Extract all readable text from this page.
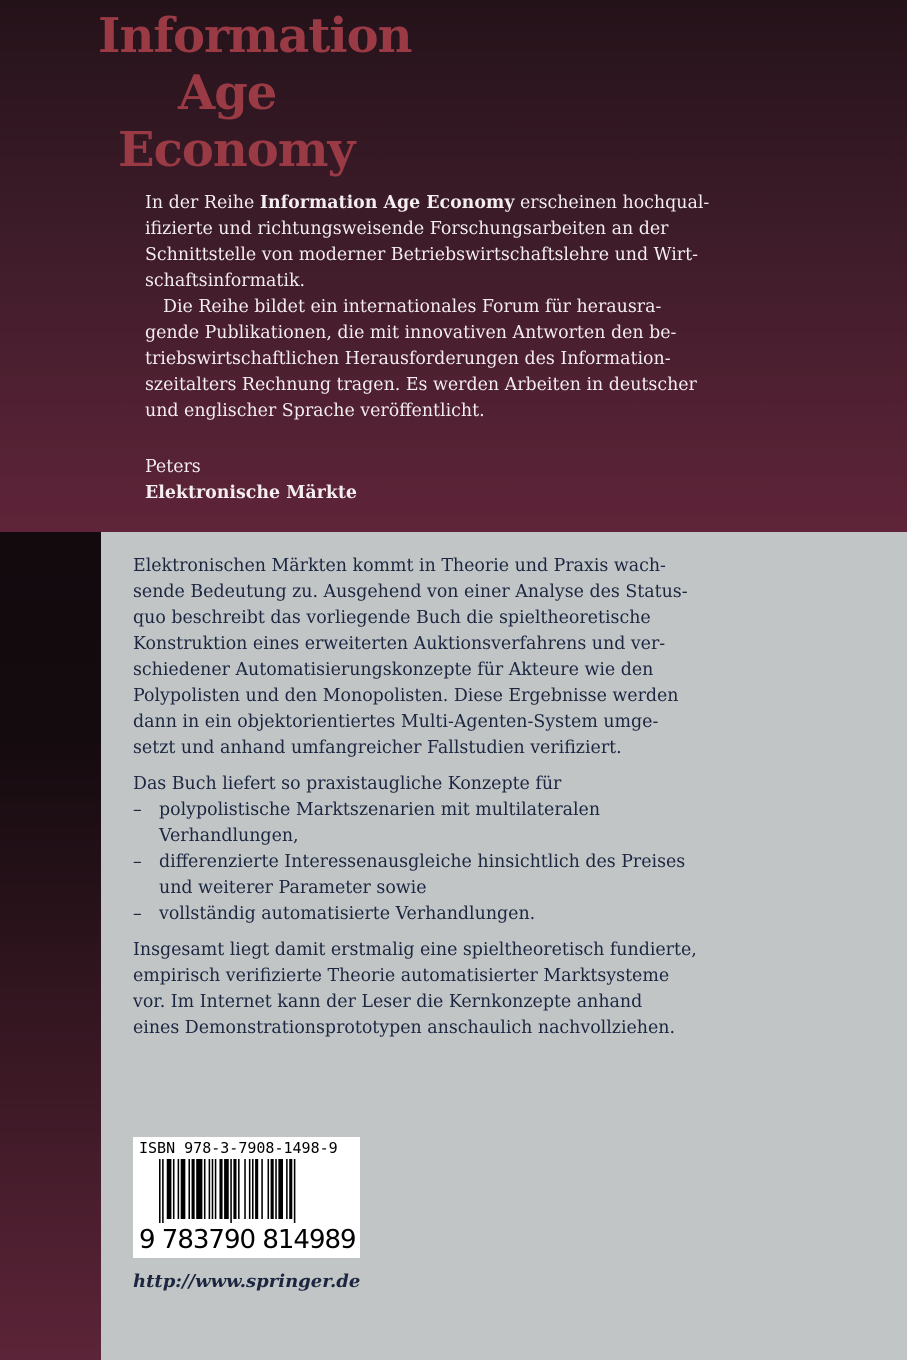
Information
Age
Economy
In der Reihe Information Age Economy erscheinen hochqual-
ifizierte und richtungsweisende Forschungsarbeiten an der
Schnittstelle von moderner Betriebswirtschaftslehre und Wirt-
schaftsinformatik.
Die Reihe bildet ein internationales Forum für herausra-
gende Publikationen, die mit innovativen Antworten den be-
triebswirtschaftlichen Herausforderungen des Information-
szeitalters Rechnung tragen. Es werden Arbeiten in deutscher
und englischer Sprache veröffentlicht.
Peters
Elektronische Märkte
Elektronischen Märkten kommt in Theorie und Praxis wach-
sende Bedeutung zu. Ausgehend von einer Analyse des Status-
quo beschreibt das vorliegende Buch die spieltheoretische
Konstruktion eines erweiterten Auktionsverfahrens und ver-
schiedener Automatisierungskonzepte für Akteure wie den
Polypolisten und den Monopolisten. Diese Ergebnisse werden
dann in ein objektorientiertes Multi-Agenten-System umge-
setzt und anhand umfangreicher Fallstudien verifiziert.
Das Buch liefert so praxistaugliche Konzepte für
– polypolistische Marktszenarien mit multilateralen
Verhandlungen,
– differenzierte Interessenausgleiche hinsichtlich des Preises
und weiterer Parameter sowie
– vollständig automatisierte Verhandlungen.
Insgesamt liegt damit erstmalig eine spieltheoretisch fundierte,
empirisch verifizierte Theorie automatisierter Marktsysteme
vor. Im Internet kann der Leser die Kernkonzepte anhand
eines Demonstrationsprototypen anschaulich nachvollziehen.
ISBN 978-3-7908-1498-9
9 783790 814989
http://www.springer.de
